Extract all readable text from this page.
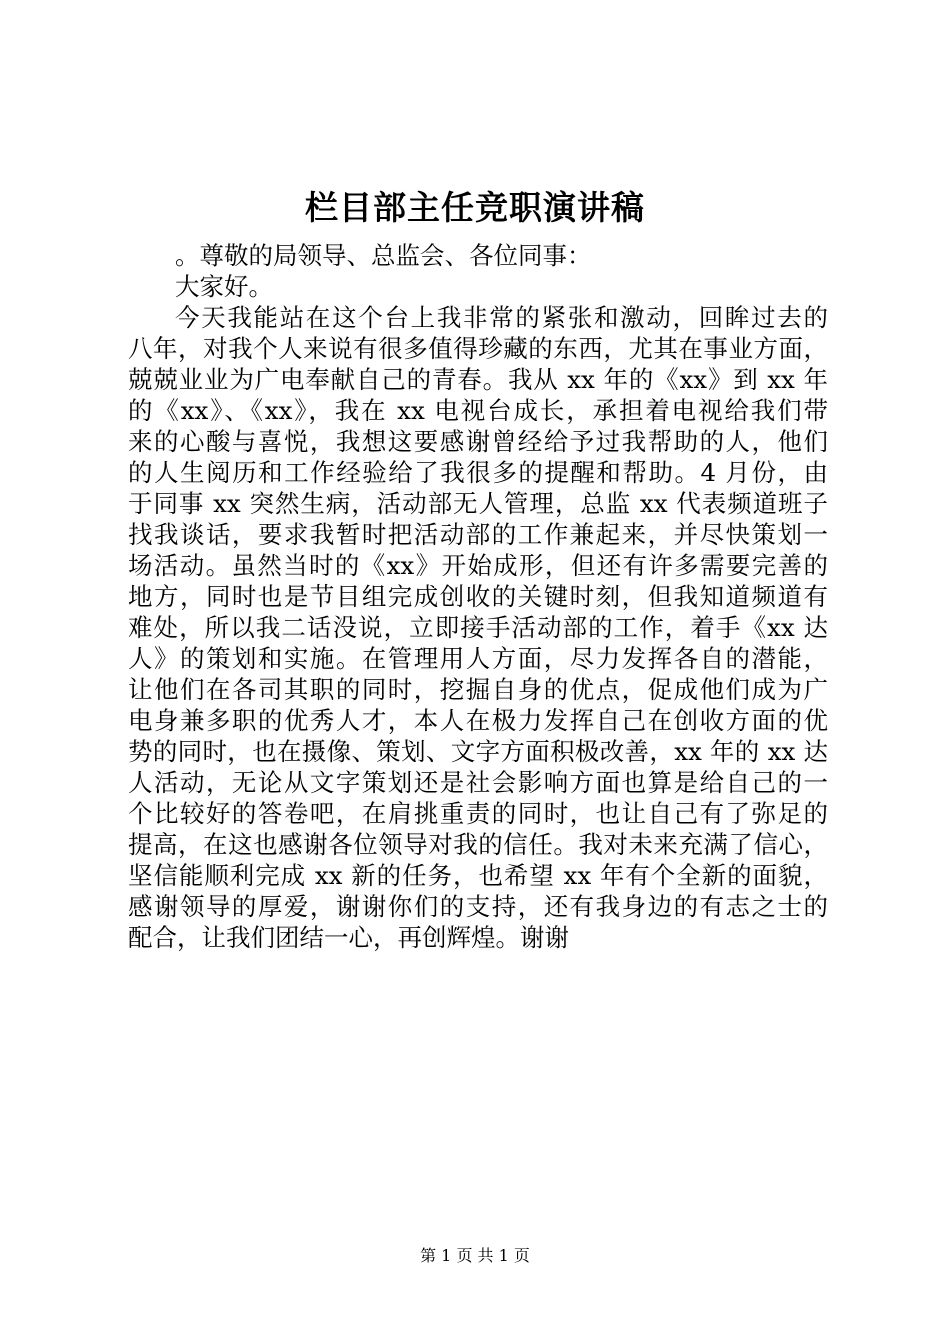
栏目部主任竞职演讲稿
。尊敬的局领导、总监会、各位同事：
大家好。
今天我能站在这个台上我非常的紧张和激动，回眸过去的
八年，对我个人来说有很多值得珍藏的东西，尤其在事业方面，
兢兢业业为广电奉献自己的青春。我从 xx 年的《xx》到 xx 年
的《xx》、《xx》，我在 xx 电视台成长，承担着电视给我们带
来的心酸与喜悦，我想这要感谢曾经给予过我帮助的人，他们
的人生阅历和工作经验给了我很多的提醒和帮助。4 月份，由
于同事 xx 突然生病，活动部无人管理，总监 xx 代表频道班子
找我谈话，要求我暂时把活动部的工作兼起来，并尽快策划一
场活动。虽然当时的《xx》开始成形，但还有许多需要完善的
地方，同时也是节目组完成创收的关键时刻，但我知道频道有
难处，所以我二话没说，立即接手活动部的工作，着手《xx 达
人》的策划和实施。在管理用人方面，尽力发挥各自的潜能，
让他们在各司其职的同时，挖掘自身的优点，促成他们成为广
电身兼多职的优秀人才，本人在极力发挥自己在创收方面的优
势的同时，也在摄像、策划、文字方面积极改善，xx 年的 xx 达
人活动，无论从文字策划还是社会影响方面也算是给自己的一
个比较好的答卷吧，在肩挑重责的同时，也让自己有了弥足的
提高，在这也感谢各位领导对我的信任。我对未来充满了信心，
坚信能顺利完成 xx 新的任务，也希望 xx 年有个全新的面貌，
感谢领导的厚爱，谢谢你们的支持，还有我身边的有志之士的
配合，让我们团结一心，再创辉煌。谢谢
第 1 页 共 1 页
